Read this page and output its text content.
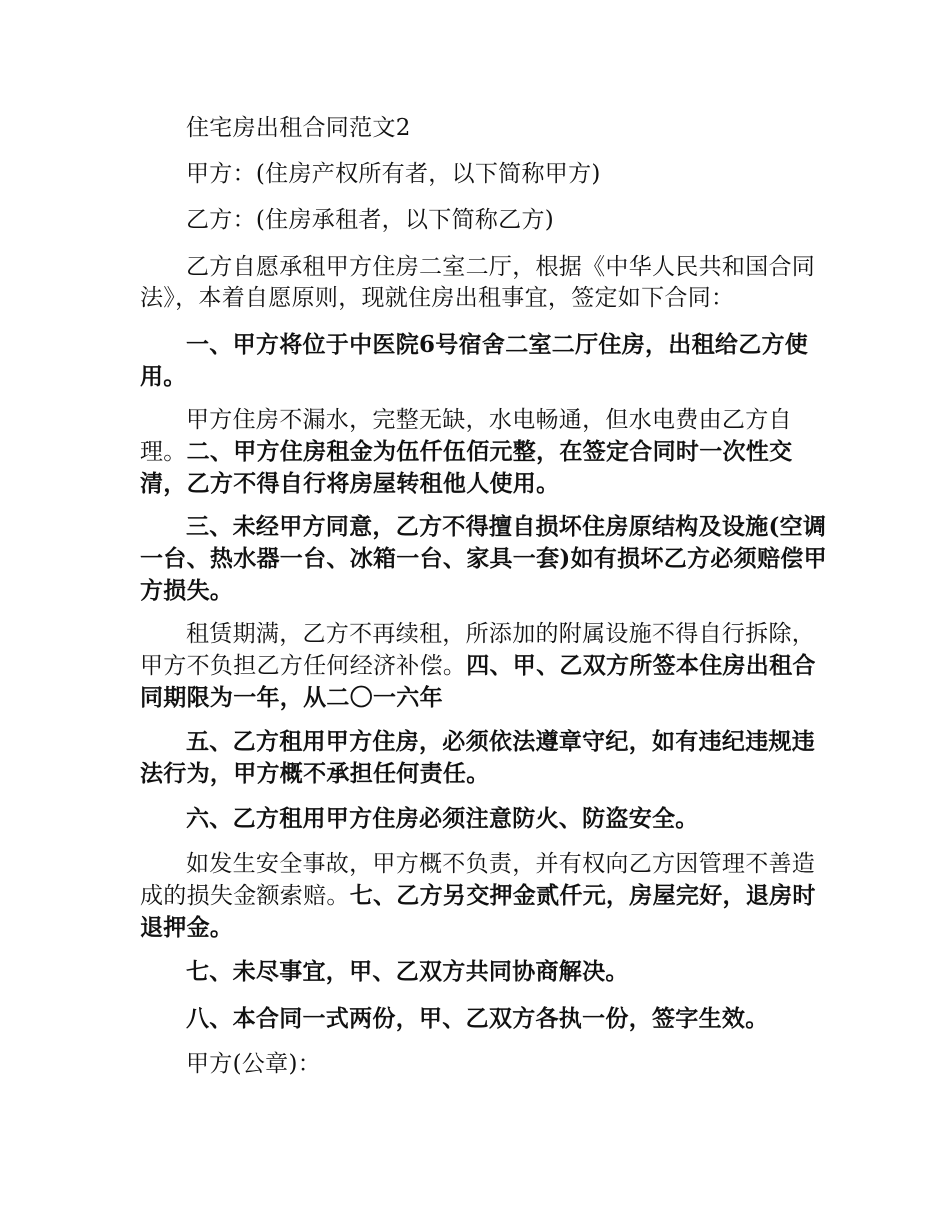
住宅房出租合同范文2

甲方：(住房产权所有者，以下简称甲方)

乙方：(住房承租者，以下简称乙方)

乙方自愿承租甲方住房二室二厅，根据《中华人民共和国合同法》，本着自愿原则，现就住房出租事宜，签定如下合同：

一、甲方将位于中医院6号宿舍二室二厅住房，出租给乙方使用。

甲方住房不漏水，完整无缺，水电畅通，但水电费由乙方自理。二、甲方住房租金为伍仟伍佰元整，在签定合同时一次性交清，乙方不得自行将房屋转租他人使用。

三、未经甲方同意，乙方不得擅自损坏住房原结构及设施(空调一台、热水器一台、冰箱一台、家具一套)如有损坏乙方必须赔偿甲方损失。

租赁期满，乙方不再续租，所添加的附属设施不得自行拆除，甲方不负担乙方任何经济补偿。四、甲、乙双方所签本住房出租合同期限为一年，从二〇一六年

五、乙方租用甲方住房，必须依法遵章守纪，如有违纪违规违法行为，甲方概不承担任何责任。

六、乙方租用甲方住房必须注意防火、防盗安全。

如发生安全事故，甲方概不负责，并有权向乙方因管理不善造成的损失金额索赔。七、乙方另交押金贰仟元，房屋完好，退房时退押金。

七、未尽事宜，甲、乙双方共同协商解决。

八、本合同一式两份，甲、乙双方各执一份，签字生效。

甲方(公章)：
